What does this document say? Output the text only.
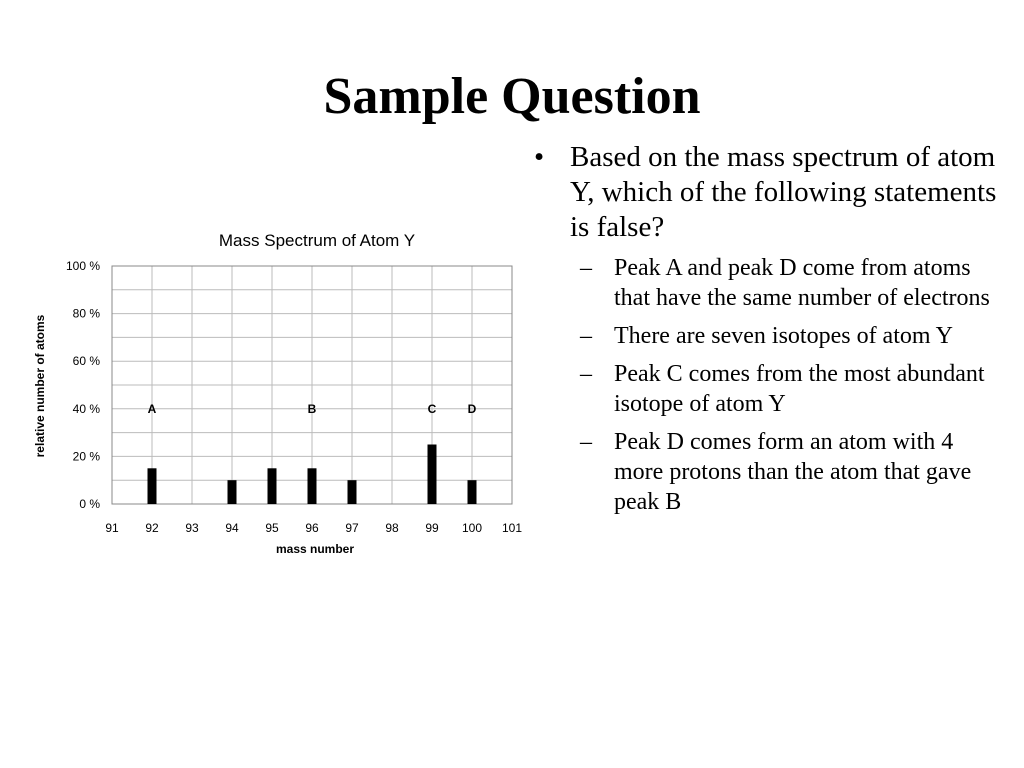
Sample Question
Mass Spectrum of Atom Y
0 %
20 %
40 %
60 %
80 %
100 %
91 92 93 94 95 96 97 98 99 100 101
A	B	C	D
mass number
relative number of atoms
• Based on the mass spectrum of atom Y, which of the following statements is false?
– Peak A and peak D come from atoms that have the same number of electrons
– There are seven isotopes of atom Y
– Peak C comes from the most abundant isotope of atom Y
– Peak D comes form an atom with 4 more protons than the atom that gave peak B
